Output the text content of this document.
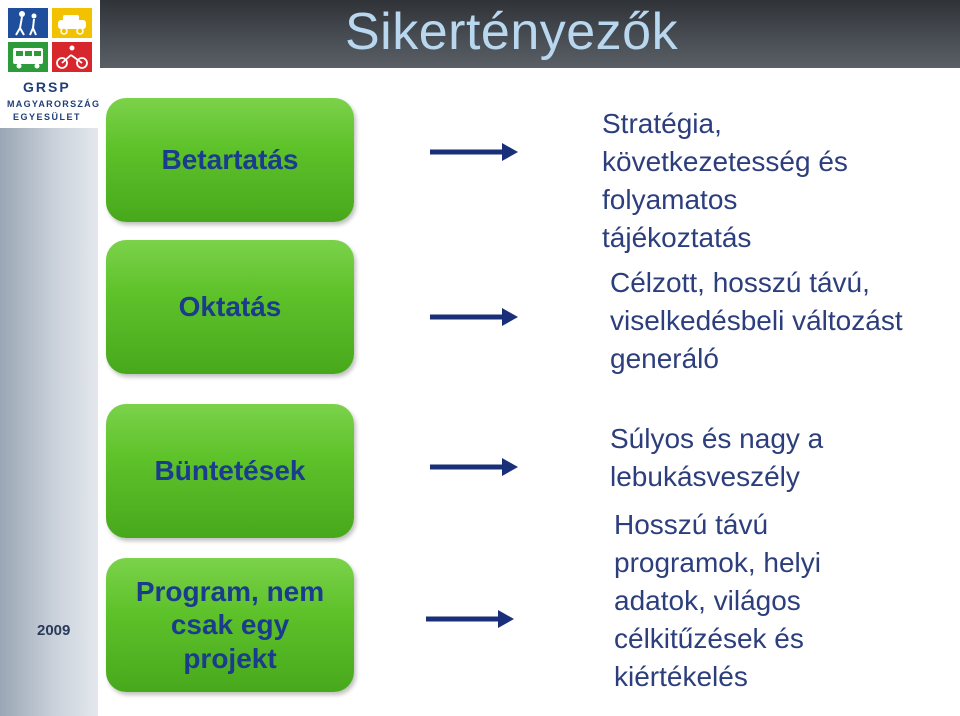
Sikertényezők
GRSP
MAGYARORSZÁG
EGYESÜLET
2009
Betartatás
Stratégia,
következetesség és
folyamatos
tájékoztatás
Oktatás
Célzott, hosszú távú,
viselkedésbeli változást
generáló
Büntetések
Súlyos és nagy a
lebukásveszély
Program, nem
csak egy
projekt
Hosszú távú
programok, helyi
adatok, világos
célkitűzések és
kiértékelés
